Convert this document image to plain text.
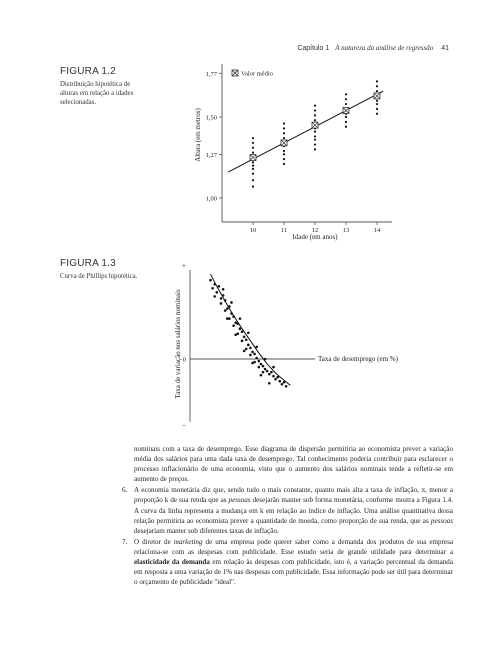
Capítulo 1 A natureza da análise de regressão 41
FIGURA 1.2
Distribuição hipotética de alturas em relação a idades selecionadas.
FIGURA 1.3
Curva de Phillips hipotética.
1,00
1,27
1,50
1,77
10	11	12	13	14
Valor médio
Idade (em anos)
Altura (em metros)
+
0
−
Taxa de desemprego (em %)
Taxa de variação nos salários nominais

nominais com a taxa de desemprego. Esse diagrama de dispersão permitiria ao economista prever a variação média dos salários para uma dada taxa de desemprego. Tal conhecimento poderia contribuir para esclarecer o processo inflacionário de uma economia, visto que o aumento dos salários nominais tende a refletir-se em aumento de preços.

6. A economia monetária diz que, sendo tudo o mais constante, quanto mais alta a taxa de inflação, π, menor a proporção k de sua renda que as pessoas desejarão manter sob forma monetária, conforme mostra a Figura 1.4. A curva da linha representa a mudança em k em relação ao índice de inflação. Uma análise quantitativa dessa relação permitiria ao economista prever a quantidade de moeda, como proporção de sua renda, que as pessoas desejariam manter sob diferentes taxas de inflação.

7. O diretor de marketing de uma empresa pode querer saber como a demanda dos produtos de sua empresa relaciona-se com as despesas com publicidade. Esse estudo seria de grande utilidade para determinar a elasticidade da demanda em relação às despesas com publicidade, isto é, a variação percentual da demanda em resposta a uma variação de 1% nas despesas com publicidade. Essa informação pode ser útil para determinar o orçamento de publicidade "ideal".
